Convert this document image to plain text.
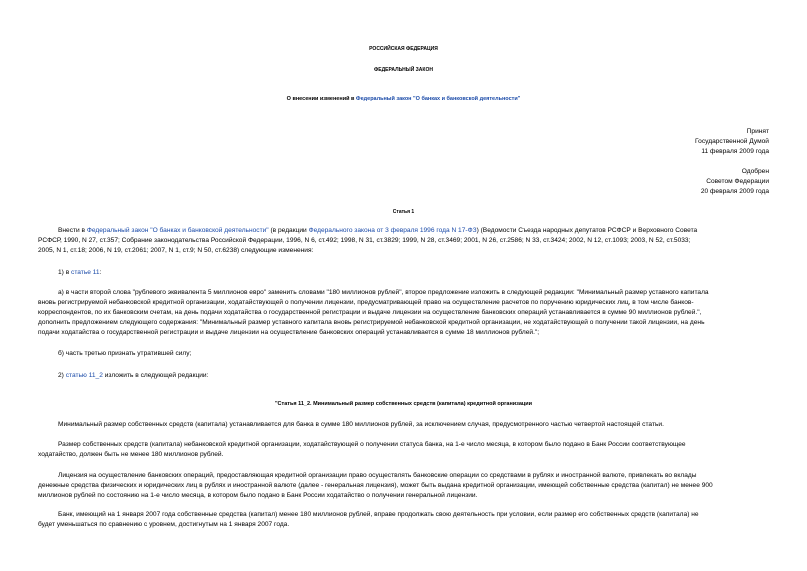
РОССИЙСКАЯ ФЕДЕРАЦИЯ
ФЕДЕРАЛЬНЫЙ ЗАКОН
О внесении изменений в Федеральный закон "О банках и банковской деятельности"
Принят
Государственной Думой
11 февраля 2009 года
Одобрен
Советом Федерации
20 февраля 2009 года
Статья 1
Внести в Федеральный закон "О банках и банковской деятельности" (в редакции Федерального закона от 3 февраля 1996 года N 17-ФЗ) (Ведомости Съезда народных депутатов РСФСР и Верховного Совета
РСФСР, 1990, N 27, ст.357; Собрание законодательства Российской Федерации, 1996, N 6, ст.492; 1998, N 31, ст.3829; 1999, N 28, ст.3469; 2001, N 26, ст.2586; N 33, ст.3424; 2002, N 12, ст.1093; 2003, N 52, ст.5033;
2005, N 1, ст.18; 2006, N 19, ст.2061; 2007, N 1, ст.9; N 50, ст.6238) следующие изменения:
1) в статье 11:
а) в части второй слова "рублевого эквивалента 5 миллионов евро" заменить словами "180 миллионов рублей", второе предложение изложить в следующей редакции: "Минимальный размер уставного капитала
вновь регистрируемой небанковской кредитной организации, ходатайствующей о получении лицензии, предусматривающей право на осуществление расчетов по поручению юридических лиц, в том числе банков-
корреспондентов, по их банковским счетам, на день подачи ходатайства о государственной регистрации и выдаче лицензии на осуществление банковских операций устанавливается в сумме 90 миллионов рублей.",
дополнить предложением следующего содержания: "Минимальный размер уставного капитала вновь регистрируемой небанковской кредитной организации, не ходатайствующей о получении такой лицензии, на день
подачи ходатайства о государственной регистрации и выдаче лицензии на осуществление банковских операций устанавливается в сумме 18 миллионов рублей.";
б) часть третью признать утратившей силу;
2) статью 11_2 изложить в следующей редакции:
"Статья 11_2. Минимальный размер собственных средств (капитала) кредитной организации
Минимальный размер собственных средств (капитала) устанавливается для банка в сумме 180 миллионов рублей, за исключением случая, предусмотренного частью четвертой настоящей статьи.
Размер собственных средств (капитала) небанковской кредитной организации, ходатайствующей о получении статуса банка, на 1-е число месяца, в котором было подано в Банк России соответствующее
ходатайство, должен быть не менее 180 миллионов рублей.
Лицензия на осуществление банковских операций, предоставляющая кредитной организации право осуществлять банковские операции со средствами в рублях и иностранной валюте, привлекать во вклады
денежные средства физических и юридических лиц в рублях и иностранной валюте (далее - генеральная лицензия), может быть выдана кредитной организации, имеющей собственные средства (капитал) не менее 900
миллионов рублей по состоянию на 1-е число месяца, в котором было подано в Банк России ходатайство о получении генеральной лицензии.
Банк, имеющий на 1 января 2007 года собственные средства (капитал) менее 180 миллионов рублей, вправе продолжать свою деятельность при условии, если размер его собственных средств (капитала) не
будет уменьшаться по сравнению с уровнем, достигнутым на 1 января 2007 года.
